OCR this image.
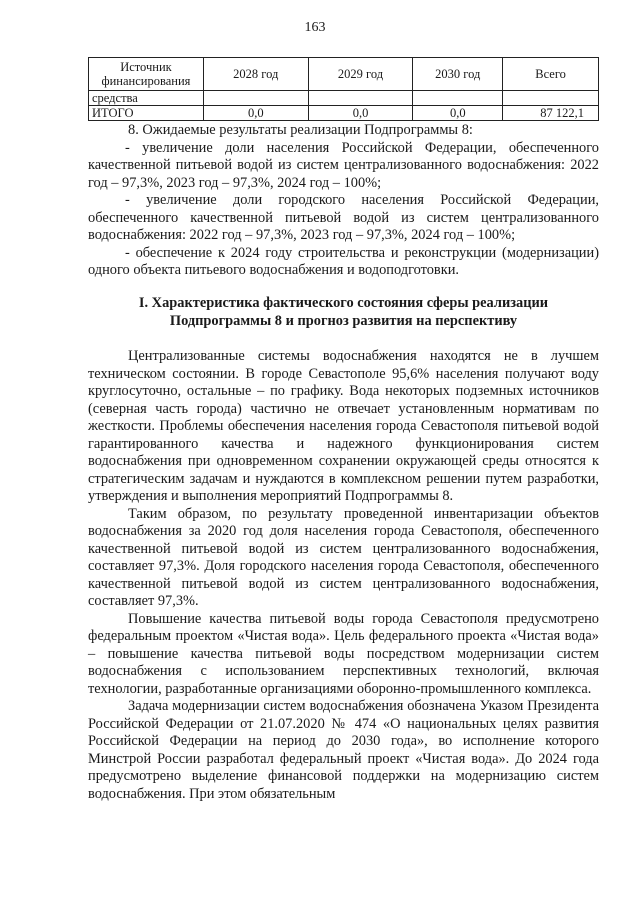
163
Источник финансирования	2028 год	2029 год	2030 год	Всего
средства				
ИТОГО	0,0	0,0	0,0	87 122,1

8. Ожидаемые результаты реализации Подпрограммы 8:

- увеличение доли населения Российской Федерации, обеспеченного качественной питьевой водой из систем централизованного водоснабжения: 2022 год – 97,3%, 2023 год – 97,3%, 2024 год – 100%;

- увеличение доли городского населения Российской Федерации, обеспеченного качественной питьевой водой из систем централизованного водоснабжения: 2022 год – 97,3%, 2023 год – 97,3%, 2024 год – 100%;

- обеспечение к 2024 году строительства и реконструкции (модернизации) одного объекта питьевого водоснабжения и водоподготовки.

I. Характеристика фактического состояния сферы реализации Подпрограммы 8 и прогноз развития на перспективу

Централизованные системы водоснабжения находятся не в лучшем техническом состоянии. В городе Севастополе 95,6% населения получают воду круглосуточно, остальные – по графику. Вода некоторых подземных источников (северная часть города) частично не отвечает установленным нормативам по жесткости. Проблемы обеспечения населения города Севастополя питьевой водой гарантированного качества и надежного функционирования систем водоснабжения при одновременном сохранении окружающей среды относятся к стратегическим задачам и нуждаются в комплексном решении путем разработки, утверждения и выполнения мероприятий Подпрограммы 8.

Таким образом, по результату проведенной инвентаризации объектов водоснабжения за 2020 год доля населения города Севастополя, обеспеченного качественной питьевой водой из систем централизованного водоснабжения, составляет 97,3%. Доля городского населения города Севастополя, обеспеченного качественной питьевой водой из систем централизованного водоснабжения, составляет 97,3%.

Повышение качества питьевой воды города Севастополя предусмотрено федеральным проектом «Чистая вода». Цель федерального проекта «Чистая вода» – повышение качества питьевой воды посредством модернизации систем водоснабжения с использованием перспективных технологий, включая технологии, разработанные организациями оборонно-промышленного комплекса.

Задача модернизации систем водоснабжения обозначена Указом Президента Российской Федерации от 21.07.2020 № 474 «О национальных целях развития Российской Федерации на период до 2030 года», во исполнение которого Минстрой России разработал федеральный проект «Чистая вода». До 2024 года предусмотрено выделение финансовой поддержки на модернизацию систем водоснабжения. При этом обязательным
